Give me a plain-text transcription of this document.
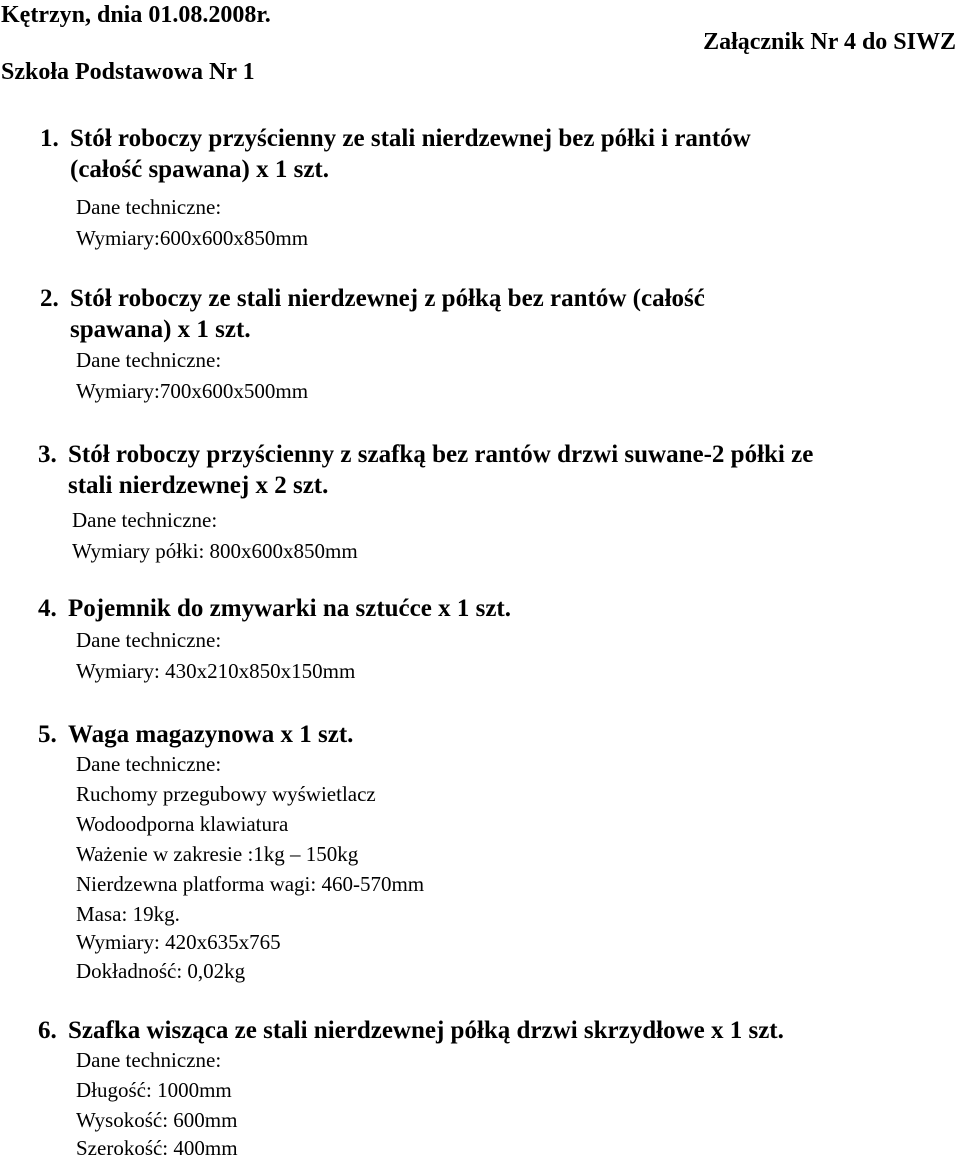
Kętrzyn, dnia 01.08.2008r.
Załącznik Nr 4 do SIWZ
Szkoła Podstawowa Nr 1
1. Stół roboczy przyścienny ze stali nierdzewnej bez półki i rantów
(całość spawana) x 1 szt.
Dane techniczne:
Wymiary:600x600x850mm
2. Stół roboczy ze stali nierdzewnej z półką bez rantów (całość
spawana) x 1 szt.
Dane techniczne:
Wymiary:700x600x500mm
3. Stół roboczy przyścienny z szafką bez rantów drzwi suwane-2 półki ze
stali nierdzewnej x 2 szt.
Dane techniczne:
Wymiary półki: 800x600x850mm
4. Pojemnik do zmywarki na sztućce x 1 szt.
Dane techniczne:
Wymiary: 430x210x850x150mm
5. Waga magazynowa x 1 szt.
Dane techniczne:
Ruchomy przegubowy wyświetlacz
Wodoodporna klawiatura
Ważenie w zakresie :1kg – 150kg
Nierdzewna platforma wagi: 460-570mm
Masa: 19kg.
Wymiary: 420x635x765
Dokładność: 0,02kg
6. Szafka wisząca ze stali nierdzewnej półką drzwi skrzydłowe x 1 szt.
Dane techniczne:
Długość: 1000mm
Wysokość: 600mm
Szerokość: 400mm
